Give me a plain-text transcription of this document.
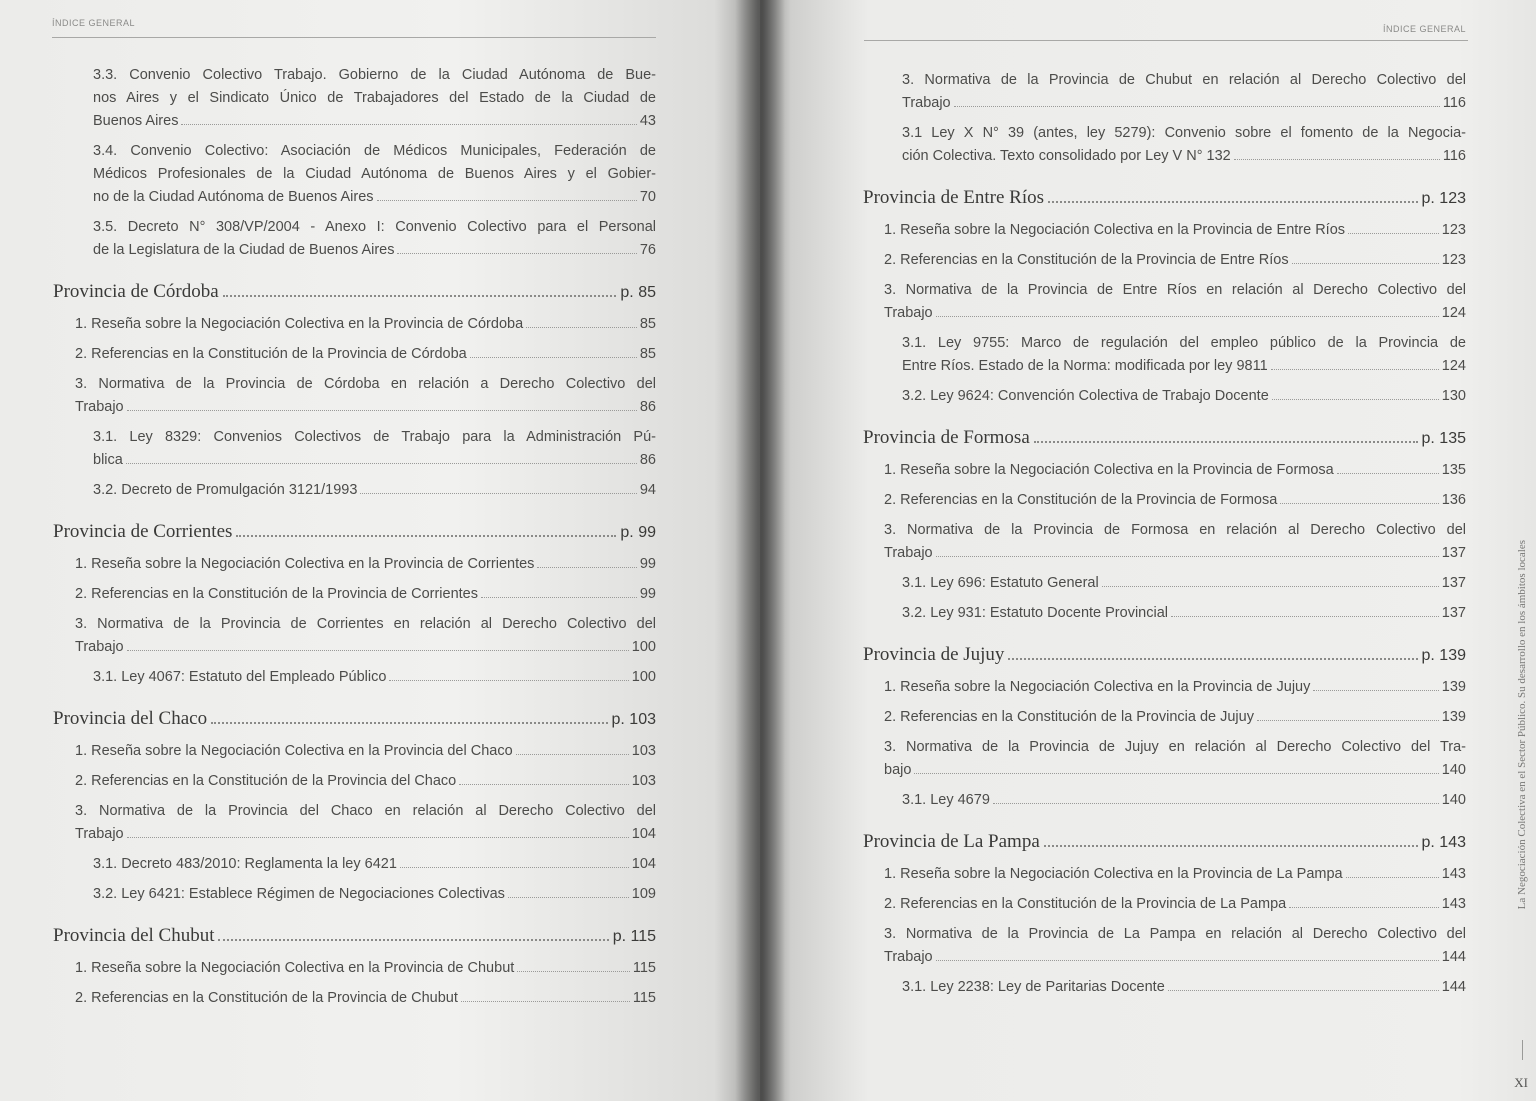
ÍNDICE GENERAL
3.3. Convenio Colectivo Trabajo. Gobierno de la Ciudad Autónoma de Bue-
nos Aires y el Sindicato Único de Trabajadores del Estado de la Ciudad de
Buenos Aires	43
3.4. Convenio Colectivo: Asociación de Médicos Municipales, Federación de
Médicos Profesionales de la Ciudad Autónoma de Buenos Aires y el Gobier-
no de la Ciudad Autónoma de Buenos Aires	70
3.5. Decreto N° 308/VP/2004 - Anexo I: Convenio Colectivo para el Personal
de la Legislatura de la Ciudad de Buenos Aires	76
Provincia de Córdoba	p. 85
1. Reseña sobre la Negociación Colectiva en la Provincia de Córdoba	85
2. Referencias en la Constitución de la Provincia de Córdoba	85
3. Normativa de la Provincia de Córdoba en relación a Derecho Colectivo del
Trabajo	86
3.1. Ley 8329: Convenios Colectivos de Trabajo para la Administración Pú-
blica	86
3.2. Decreto de Promulgación 3121/1993	94
Provincia de Corrientes	p. 99
1. Reseña sobre la Negociación Colectiva en la Provincia de Corrientes	99
2. Referencias en la Constitución de la Provincia de Corrientes	99
3. Normativa de la Provincia de Corrientes en relación al Derecho Colectivo del
Trabajo	100
3.1. Ley 4067: Estatuto del Empleado Público	100
Provincia del Chaco	p. 103
1. Reseña sobre la Negociación Colectiva en la Provincia del Chaco	103
2. Referencias en la Constitución de la Provincia del Chaco	103
3. Normativa de la Provincia del Chaco en relación al Derecho Colectivo del
Trabajo	104
3.1. Decreto 483/2010: Reglamenta la ley 6421	104
3.2. Ley 6421: Establece Régimen de Negociaciones Colectivas	109
Provincia del Chubut	p. 115
1. Reseña sobre la Negociación Colectiva en la Provincia de Chubut	115
2. Referencias en la Constitución de la Provincia de Chubut	115
ÍNDICE GENERAL
3. Normativa de la Provincia de Chubut en relación al Derecho Colectivo del
Trabajo	116
3.1 Ley X N° 39 (antes, ley 5279): Convenio sobre el fomento de la Negocia-
ción Colectiva. Texto consolidado por Ley V N° 132	116
Provincia de Entre Ríos	p. 123
1. Reseña sobre la Negociación Colectiva en la Provincia de Entre Ríos	123
2. Referencias en la Constitución de la Provincia de Entre Ríos	123
3. Normativa de la Provincia de Entre Ríos en relación al Derecho Colectivo del
Trabajo	124
3.1. Ley 9755: Marco de regulación del empleo público de la Provincia de
Entre Ríos. Estado de la Norma: modificada por ley 9811	124
3.2. Ley 9624: Convención Colectiva de Trabajo Docente	130
Provincia de Formosa	p. 135
1. Reseña sobre la Negociación Colectiva en la Provincia de Formosa	135
2. Referencias en la Constitución de la Provincia de Formosa	136
3. Normativa de la Provincia de Formosa en relación al Derecho Colectivo del
Trabajo	137
3.1. Ley 696: Estatuto General	137
3.2. Ley 931: Estatuto Docente Provincial	137
Provincia de Jujuy	p. 139
1. Reseña sobre la Negociación Colectiva en la Provincia de Jujuy	139
2. Referencias en la Constitución de la Provincia de Jujuy	139
3. Normativa de la Provincia de Jujuy en relación al Derecho Colectivo del Tra-
bajo	140
3.1. Ley 4679	140
Provincia de La Pampa	p. 143
1. Reseña sobre la Negociación Colectiva en la Provincia de La Pampa	143
2. Referencias en la Constitución de la Provincia de La Pampa	143
3. Normativa de la Provincia de La Pampa en relación al Derecho Colectivo del
Trabajo	144
3.1. Ley 2238: Ley de Paritarias Docente	144
La Negociación Colectiva en el Sector Público. Su desarrollo en los ámbitos locales
XI
